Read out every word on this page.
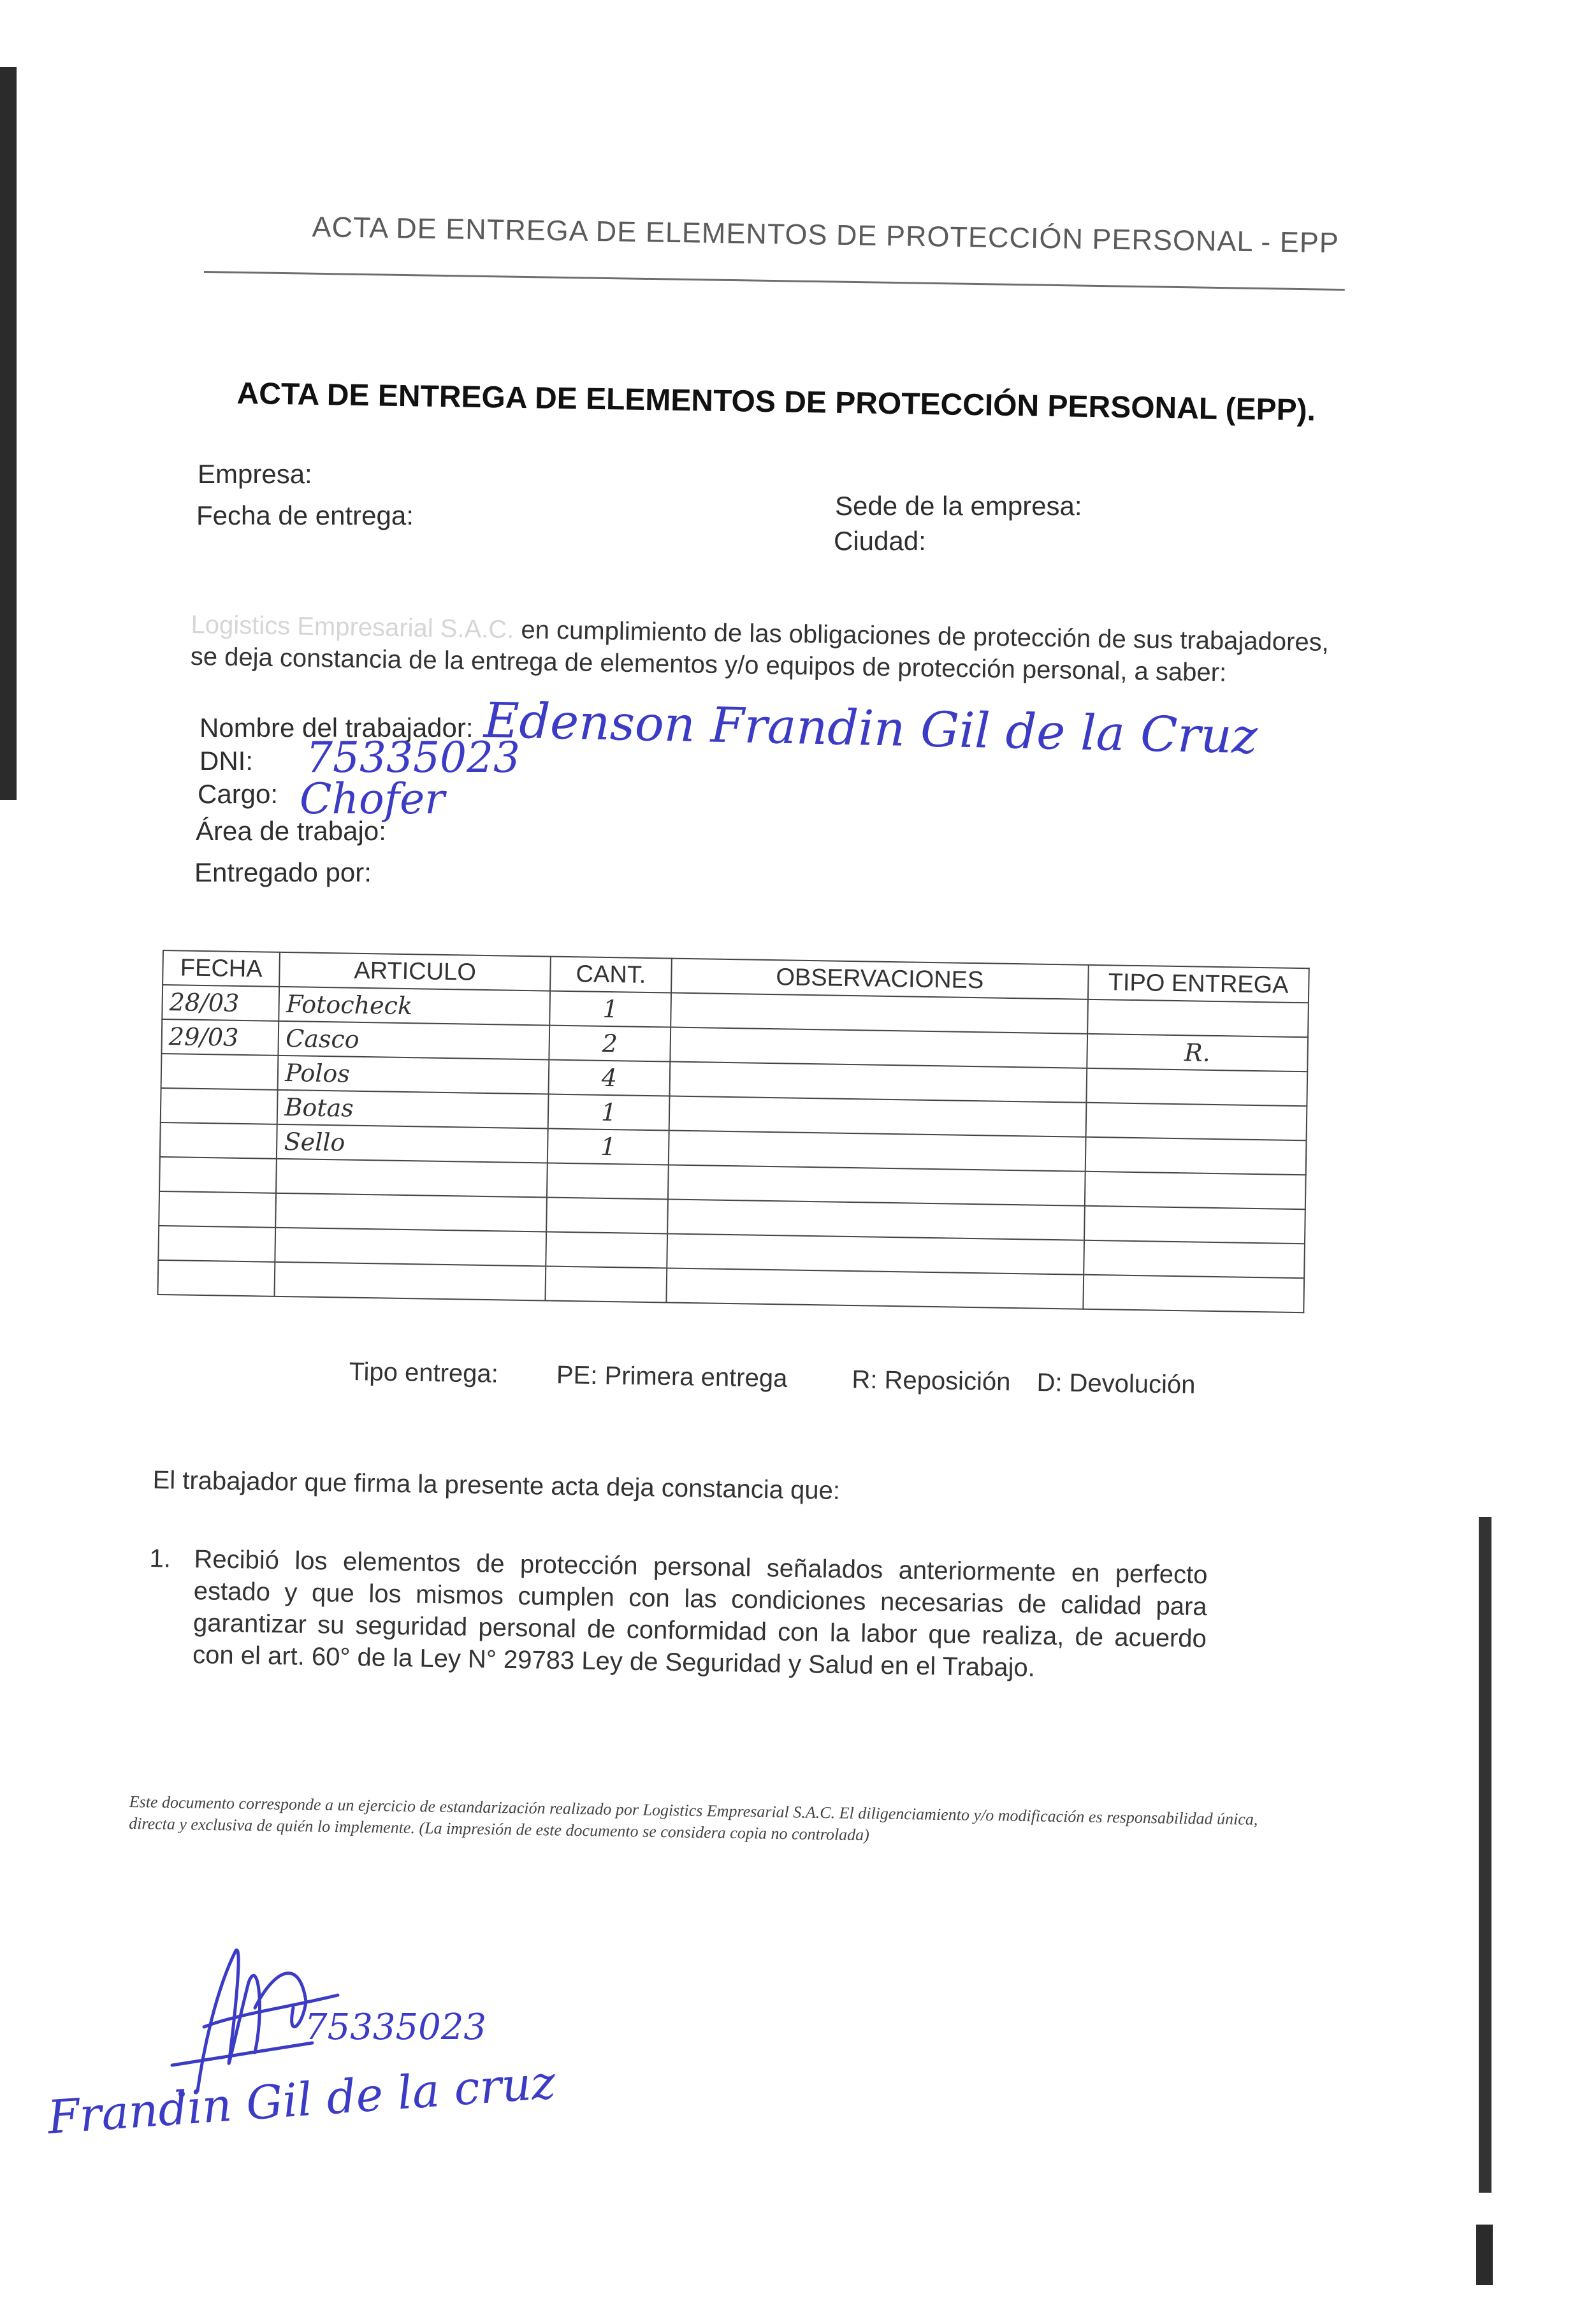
ACTA DE ENTREGA DE ELEMENTOS DE PROTECCIÓN PERSONAL - EPP
ACTA DE ENTREGA DE ELEMENTOS DE PROTECCIÓN PERSONAL (EPP).
Empresa:
Fecha de entrega:	Sede de la empresa:
Ciudad:
Logistics Empresarial S.A.C. en cumplimiento de las obligaciones de protección de sus trabajadores, se deja constancia de la entrega de elementos y/o equipos de protección personal, a saber:
Nombre del trabajador: Edenson Frandin Gil de la Cruz
DNI: 75335023
Cargo: Chofer
Área de trabajo:
Entregado por:
FECHA	ARTICULO	CANT.	OBSERVACIONES	TIPO ENTREGA
28/03	Fotocheck	1		
29/03	Casco	2		R.
	Polos	4		
	Botas	1		
	Sello	1		

Tipo entrega: PE: Primera entrega	R: Reposición D: Devolución
El trabajador que firma la presente acta deja constancia que:
1. Recibió los elementos de protección personal señalados anteriormente en perfecto estado y que los mismos cumplen con las condiciones necesarias de calidad para garantizar su seguridad personal de conformidad con la labor que realiza, de acuerdo con el art. 60° de la Ley N° 29783 Ley de Seguridad y Salud en el Trabajo.
Este documento corresponde a un ejercicio de estandarización realizado por Logistics Empresarial S.A.C. El diligenciamiento y/o modificación es responsabilidad única, directa y exclusiva de quién lo implemente. (La impresión de este documento se considera copia no controlada)
75335023
Frandin Gil de la cruz
